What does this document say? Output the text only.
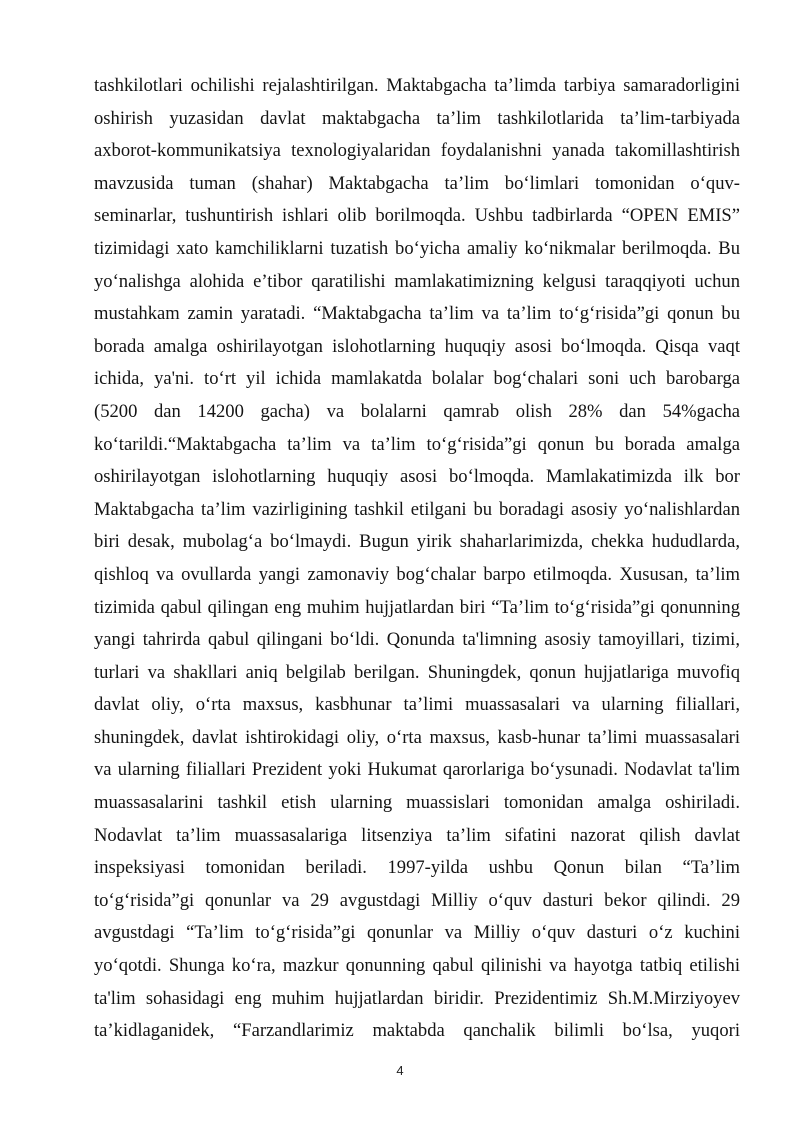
tashkilotlari ochilishi rejalashtirilgan. Maktabgacha ta’limda tarbiya samaradorligini
oshirish yuzasidan davlat maktabgacha ta’lim tashkilotlarida ta’lim-tarbiyada
axborot-kommunikatsiya texnologiyalaridan foydalanishni yanada takomillashtirish
mavzusida tuman (shahar) Maktabgacha ta’lim bo‘limlari tomonidan o‘quv-
seminarlar, tushuntirish ishlari olib borilmoqda. Ushbu tadbirlarda “OPEN EMIS”
tizimidagi xato kamchiliklarni tuzatish bo‘yicha amaliy ko‘nikmalar berilmoqda. Bu
yo‘nalishga alohida e’tibor qaratilishi mamlakatimizning kelgusi taraqqiyoti uchun
mustahkam zamin yaratadi. “Maktabgacha ta’lim va ta’lim to‘g‘risida”gi qonun bu
borada amalga oshirilayotgan islohotlarning huquqiy asosi bo‘lmoqda. Qisqa vaqt
ichida, ya'ni. to‘rt yil ichida mamlakatda bolalar bog‘chalari soni uch barobarga
(5200 dan 14200 gacha) va bolalarni qamrab olish 28% dan 54%gacha
ko‘tarildi.“Maktabgacha ta’lim va ta’lim to‘g‘risida”gi qonun bu borada amalga
oshirilayotgan islohotlarning huquqiy asosi bo‘lmoqda. Mamlakatimizda ilk bor
Maktabgacha ta’lim vazirligining tashkil etilgani bu boradagi asosiy yo‘nalishlardan
biri desak, mubolag‘a bo‘lmaydi. Bugun yirik shaharlarimizda, chekka hududlarda,
qishloq va ovullarda yangi zamonaviy bog‘chalar barpo etilmoqda. Xususan, ta’lim
tizimida qabul qilingan eng muhim hujjatlardan biri “Ta’lim to‘g‘risida”gi qonunning
yangi tahrirda qabul qilingani bo‘ldi. Qonunda ta'limning asosiy tamoyillari, tizimi,
turlari va shakllari aniq belgilab berilgan. Shuningdek, qonun hujjatlariga muvofiq
davlat oliy, o‘rta maxsus, kasbhunar ta’limi muassasalari va ularning filiallari,
shuningdek, davlat ishtirokidagi oliy, o‘rta maxsus, kasb-hunar ta’limi muassasalari
va ularning filiallari Prezident yoki Hukumat qarorlariga bo‘ysunadi. Nodavlat ta'lim
muassasalarini tashkil etish ularning muassislari tomonidan amalga oshiriladi.
Nodavlat ta’lim muassasalariga litsenziya ta’lim sifatini nazorat qilish davlat
inspeksiyasi tomonidan beriladi. 1997-yilda ushbu Qonun bilan “Ta’lim
to‘g‘risida”gi qonunlar va 29 avgustdagi Milliy o‘quv dasturi bekor qilindi. 29
avgustdagi “Ta’lim to‘g‘risida”gi qonunlar va Milliy o‘quv dasturi o‘z kuchini
yo‘qotdi. Shunga ko‘ra, mazkur qonunning qabul qilinishi va hayotga tatbiq etilishi
ta'lim sohasidagi eng muhim hujjatlardan biridir. Prezidentimiz Sh.M.Mirziyoyev
ta’kidlaganidek, “Farzandlarimiz maktabda qanchalik bilimli bo‘lsa, yuqori
4
